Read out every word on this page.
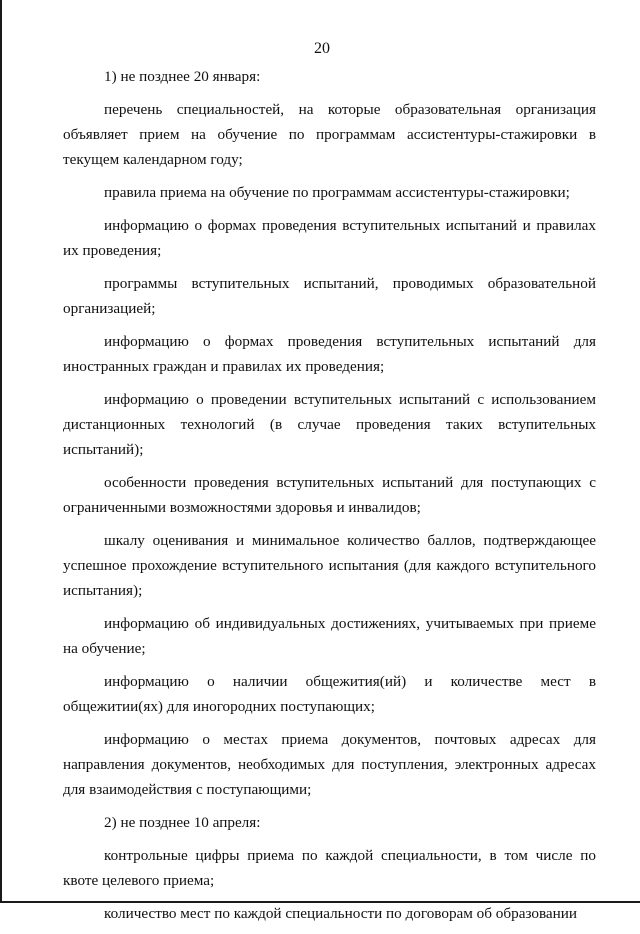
20

1) не позднее 20 января:

перечень специальностей, на которые образовательная организация объявляет прием на обучение по программам ассистентуры-стажировки в текущем календарном году;

правила приема на обучение по программам ассистентуры-стажировки;

информацию о формах проведения вступительных испытаний и правилах их проведения;

программы вступительных испытаний, проводимых образовательной организацией;

информацию о формах проведения вступительных испытаний для иностранных граждан и правилах их проведения;

информацию о проведении вступительных испытаний с использованием дистанционных технологий (в случае проведения таких вступительных испытаний);

особенности проведения вступительных испытаний для поступающих с ограниченными возможностями здоровья и инвалидов;

шкалу оценивания и минимальное количество баллов, подтверждающее успешное прохождение вступительного испытания (для каждого вступительного испытания);

информацию об индивидуальных достижениях, учитываемых при приеме на обучение;

информацию о наличии общежития(ий) и количестве мест в общежитии(ях) для иногородних поступающих;

информацию о местах приема документов, почтовых адресах для направления документов, необходимых для поступления, электронных адресах для взаимодействия с поступающими;

2) не позднее 10 апреля:

контрольные цифры приема по каждой специальности, в том числе по квоте целевого приема;

количество мест по каждой специальности по договорам об образовании
